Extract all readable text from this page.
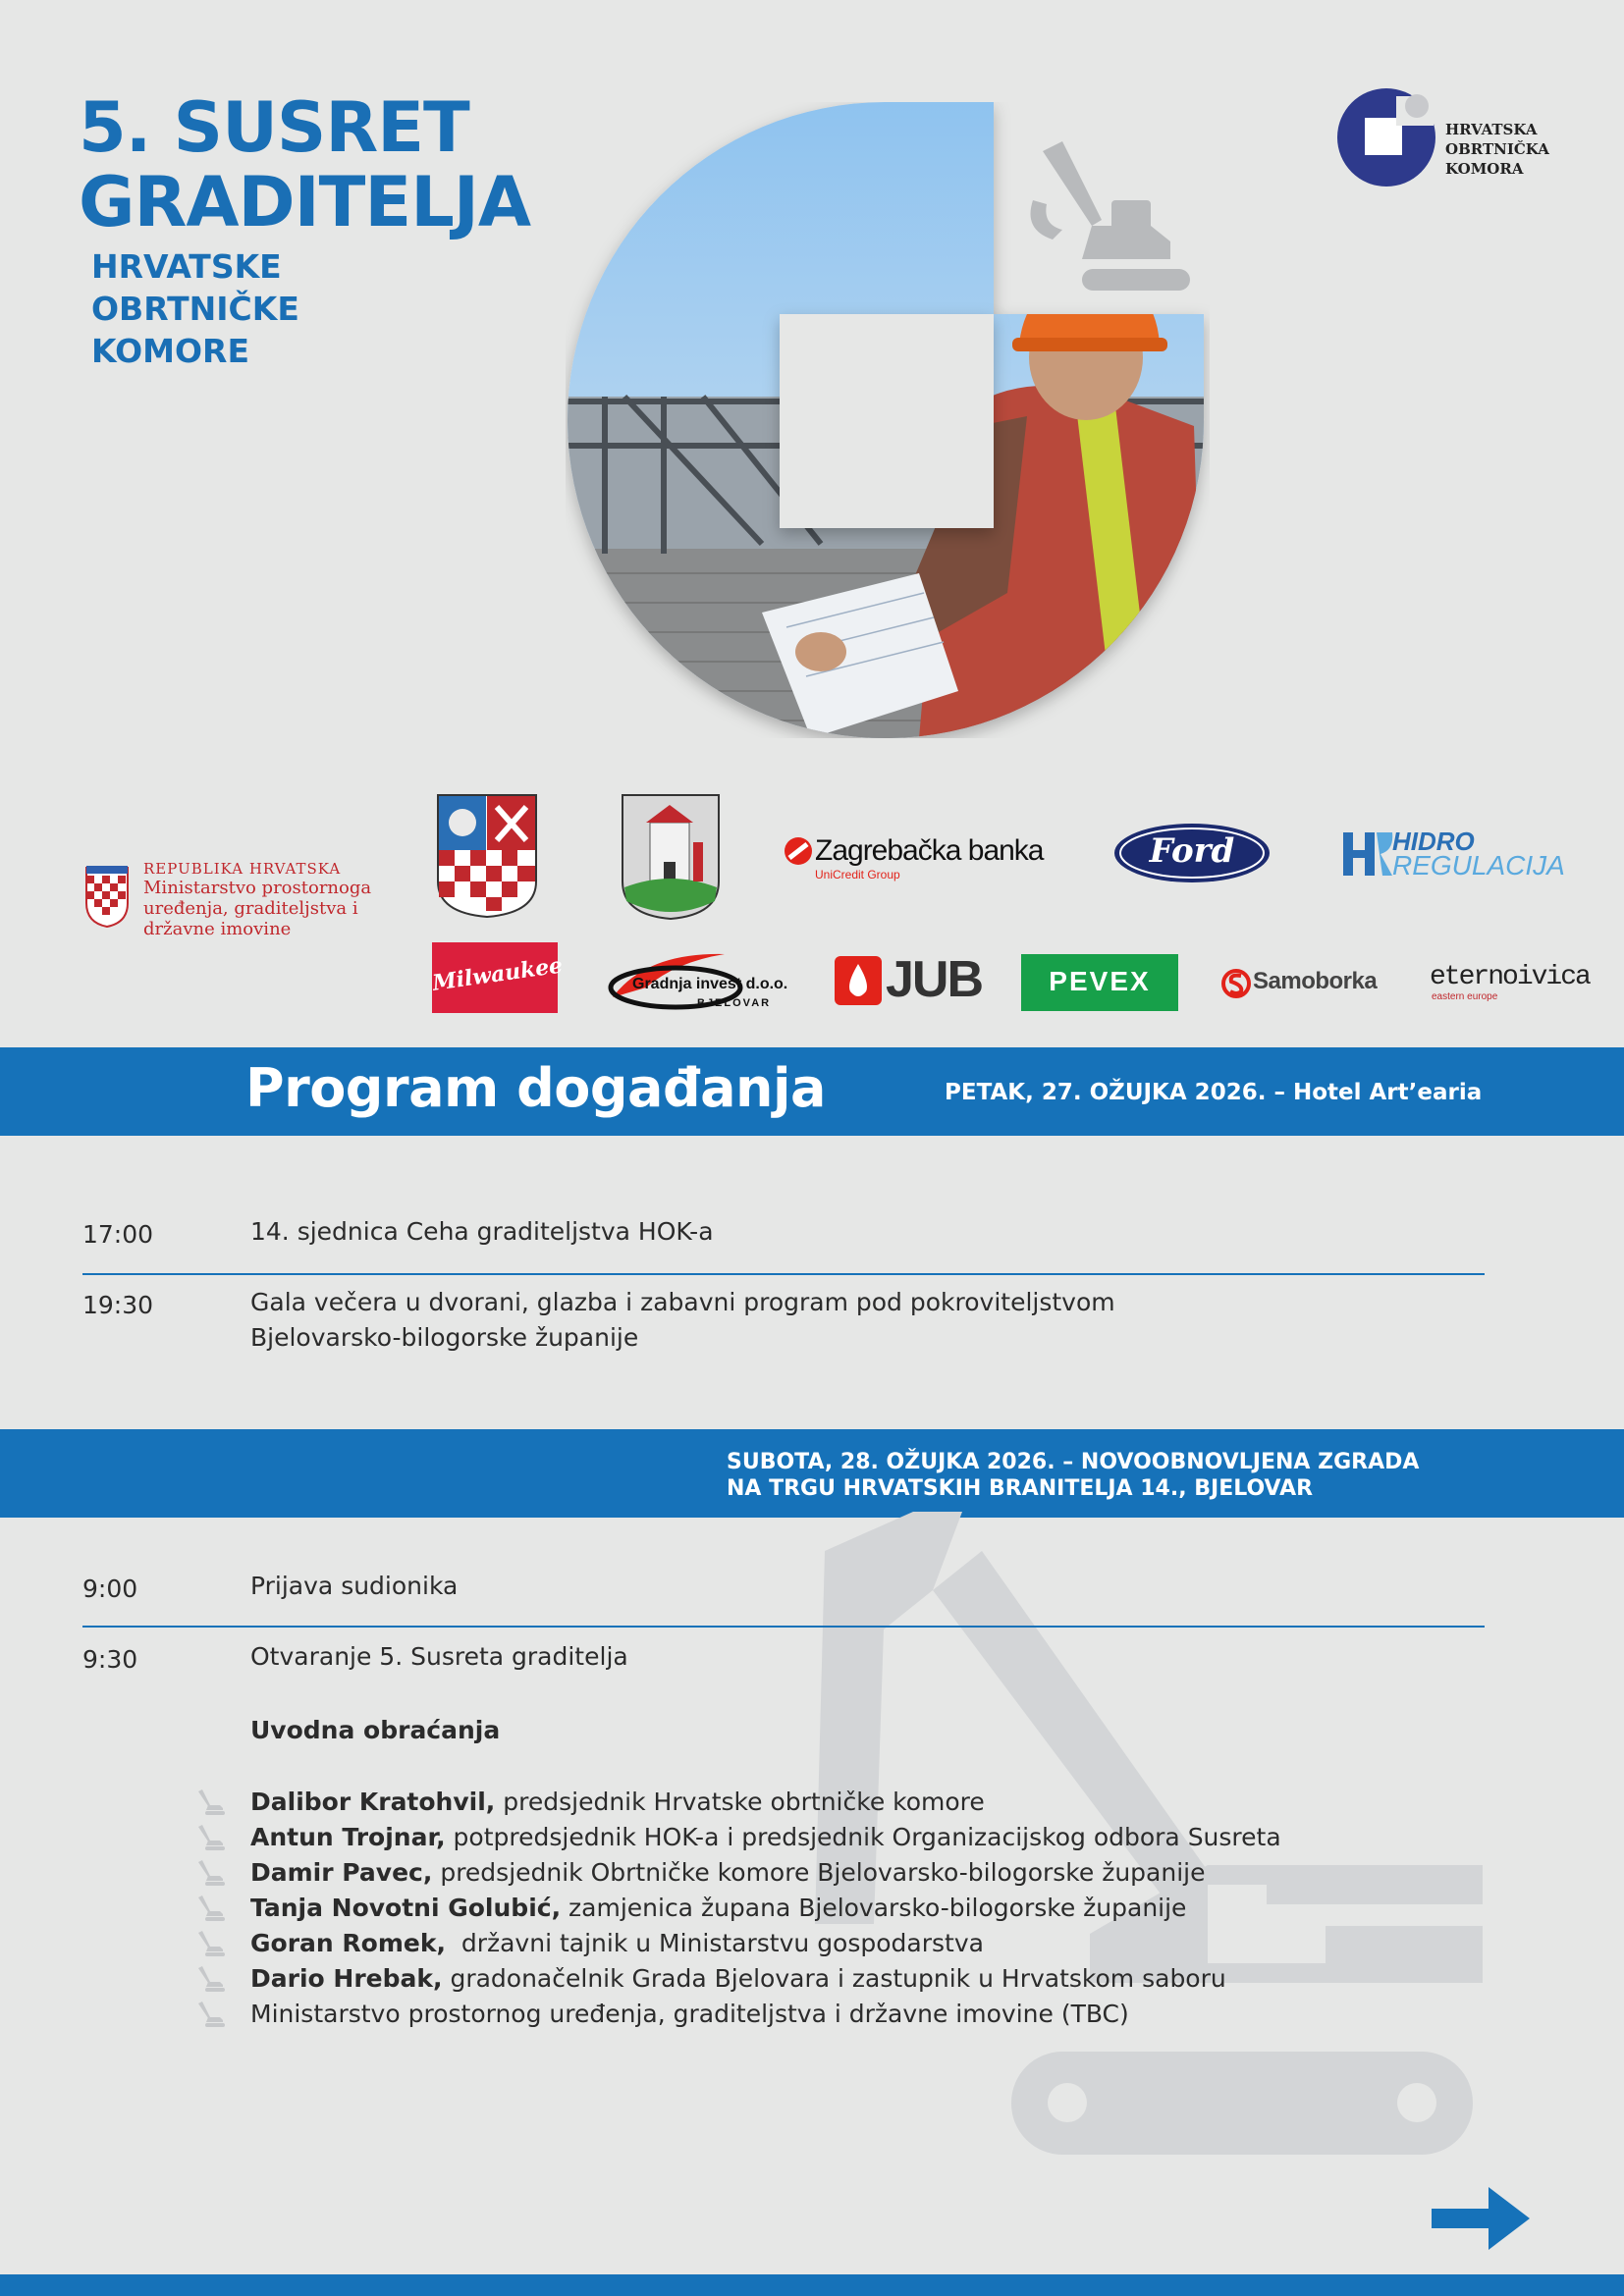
5. SUSRET
GRADITELJA
HRVATSKE
OBRTNIČKE
KOMORE
HRVATSKA
OBRTNIČKA
KOMORA
REPUBLIKA HRVATSKA
Ministarstvo prostornoga
uređenja, graditeljstva i
državne imovine
Zagrebačka banka
UniCredit Group
Ford	HIDRO
REGULACIJA
Milwaukee	Gradnja invest d.o.o.
BJELOVAR JUB	PEVEX	Samoborka eternoivica
eastern europe
Program događanja	PETAK, 27. OŽUJKA 2026. – Hotel Art’earia
17:00	14. sjednica Ceha graditeljstva HOK-a
19:30	Gala večera u dvorani, glazba i zabavni program pod pokroviteljstvom
Bjelovarsko-bilogorske županije
SUBOTA, 28. OŽUJKA 2026. – NOVOOBNOVLJENA ZGRADA
NA TRGU HRVATSKIH BRANITELJA 14., BJELOVAR
9:00	Prijava sudionika
9:30	Otvaranje 5. Susreta graditelja
Uvodna obraćanja
Dalibor Kratohvil, predsjednik Hrvatske obrtničke komore
Antun Trojnar, potpredsjednik HOK-a i predsjednik Organizacijskog odbora Susreta
Damir Pavec, predsjednik Obrtničke komore Bjelovarsko-bilogorske županije
Tanja Novotni Golubić, zamjenica župana Bjelovarsko-bilogorske županije
Goran Romek,  državni tajnik u Ministarstvu gospodarstva
Dario Hrebak, gradonačelnik Grada Bjelovara i zastupnik u Hrvatskom saboru
Ministarstvo prostornog uređenja, graditeljstva i državne imovine (TBC)
